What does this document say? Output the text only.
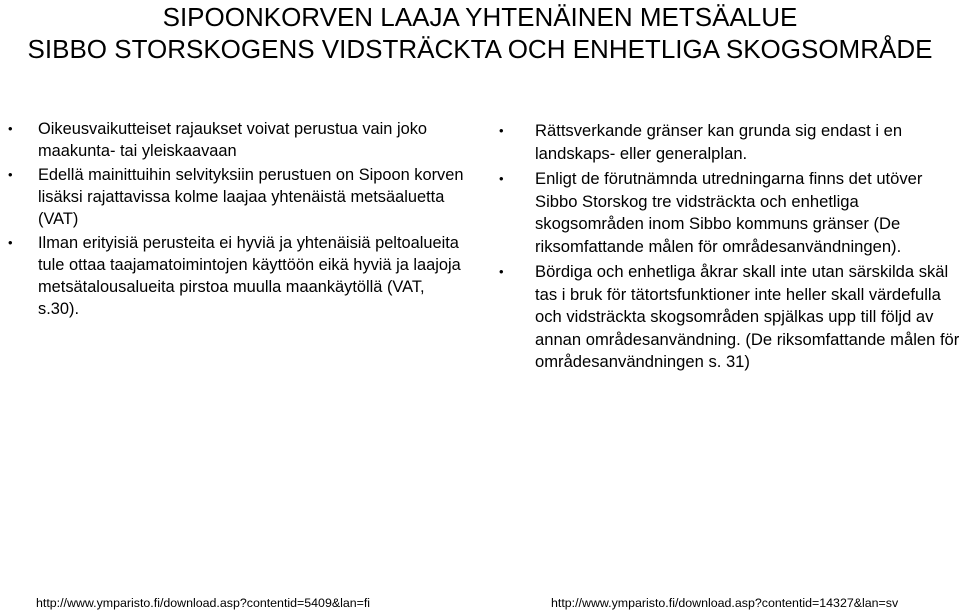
SIPOONKORVEN LAAJA YHTENÄINEN METSÄALUE
SIBBO STORSKOGENS VIDSTRÄCKTA OCH ENHETLIGA SKOGSOMRÅDE
• Oikeusvaikutteiset rajaukset voivat perustua vain joko maakunta- tai yleiskaavaan
• Edellä mainittuihin selvityksiin perustuen on Sipoon korven lisäksi rajattavissa kolme laajaa yhtenäistä metsäaluetta (VAT)
• Ilman erityisiä perusteita ei hyviä ja yhtenäisiä peltoalueita tule ottaa taajamatoimintojen käyttöön eikä hyviä ja laajoja metsätalousalueita pirstoa muulla maankäytöllä (VAT, s.30).
• Rättsverkande gränser kan grunda sig endast i en landskaps- eller generalplan.
• Enligt de förutnämnda utredningarna finns det utöver Sibbo Storskog tre vidsträckta och enhetliga skogsområden inom Sibbo kommuns gränser (De riksomfattande målen för områdesanvändningen).
• Bördiga och enhetliga åkrar skall inte utan särskilda skäl tas i bruk för tätortsfunktioner inte heller skall värdefulla och vidsträckta skogsområden spjälkas upp till följd av annan områdesanvändning. (De riksomfattande målen för områdesanvändningen s. 31)
http://www.ymparisto.fi/download.asp?contentid=5409&lan=fi	http://www.ymparisto.fi/download.asp?contentid=14327&lan=sv
